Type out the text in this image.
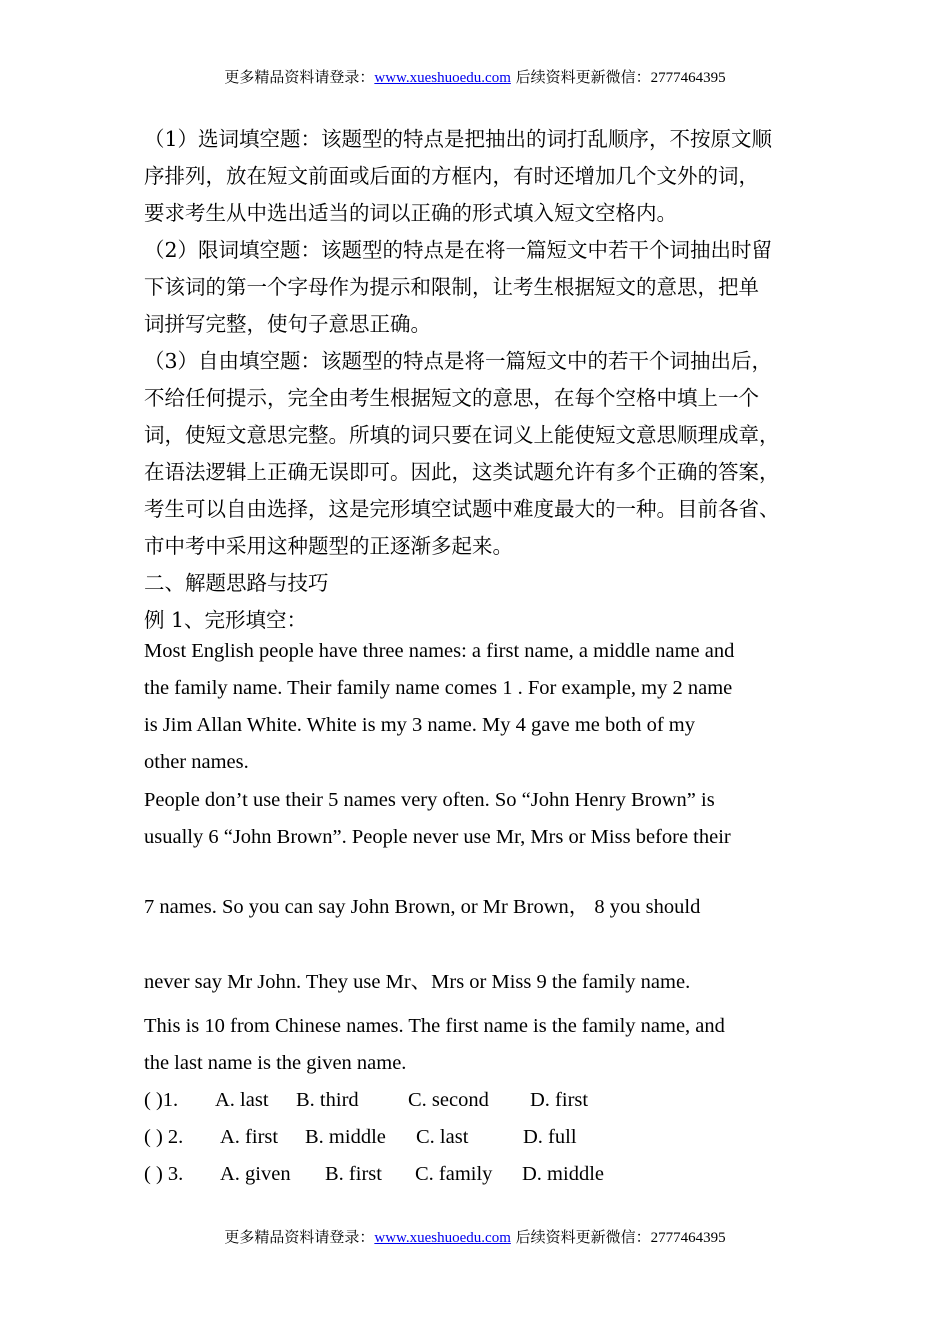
更多精品资料请登录：www.xueshuoedu.com 后续资料更新微信：2777464395
（1）选词填空题：该题型的特点是把抽出的词打乱顺序，不按原文顺
序排列，放在短文前面或后面的方框内，有时还增加几个文外的词，
要求考生从中选出适当的词以正确的形式填入短文空格内。
（2）限词填空题：该题型的特点是在将一篇短文中若干个词抽出时留
下该词的第一个字母作为提示和限制，让考生根据短文的意思，把单
词拼写完整，使句子意思正确。
（3）自由填空题：该题型的特点是将一篇短文中的若干个词抽出后，
不给任何提示，完全由考生根据短文的意思，在每个空格中填上一个
词，使短文意思完整。所填的词只要在词义上能使短文意思顺理成章，
在语法逻辑上正确无误即可。因此，这类试题允许有多个正确的答案，
考生可以自由选择，这是完形填空试题中难度最大的一种。目前各省、
市中考中采用这种题型的正逐渐多起来。
二、解题思路与技巧
例 1、完形填空：
Most English people have three names: a first name, a middle name and
the family name. Their family name comes 1 . For example, my 2 name
is Jim Allan White. White is my 3 name. My 4 gave me both of my
other names.
People don’t use their 5 names very often. So “John Henry Brown” is
usually 6 “John Brown”. People never use Mr, Mrs or Miss before their
7 names. So you can say John Brown, or Mr Brown， 8 you should
never say Mr John. They use Mr、Mrs or Miss 9 the family name.
This is 10 from Chinese names. The first name is the family name, and
the last name is the given name.
( )1. A. last B. third C. second D. first
( ) 2. A. first B. middle C. last	D. full
( ) 3. A. given B. first C. family D. middle
更多精品资料请登录：www.xueshuoedu.com 后续资料更新微信：2777464395
